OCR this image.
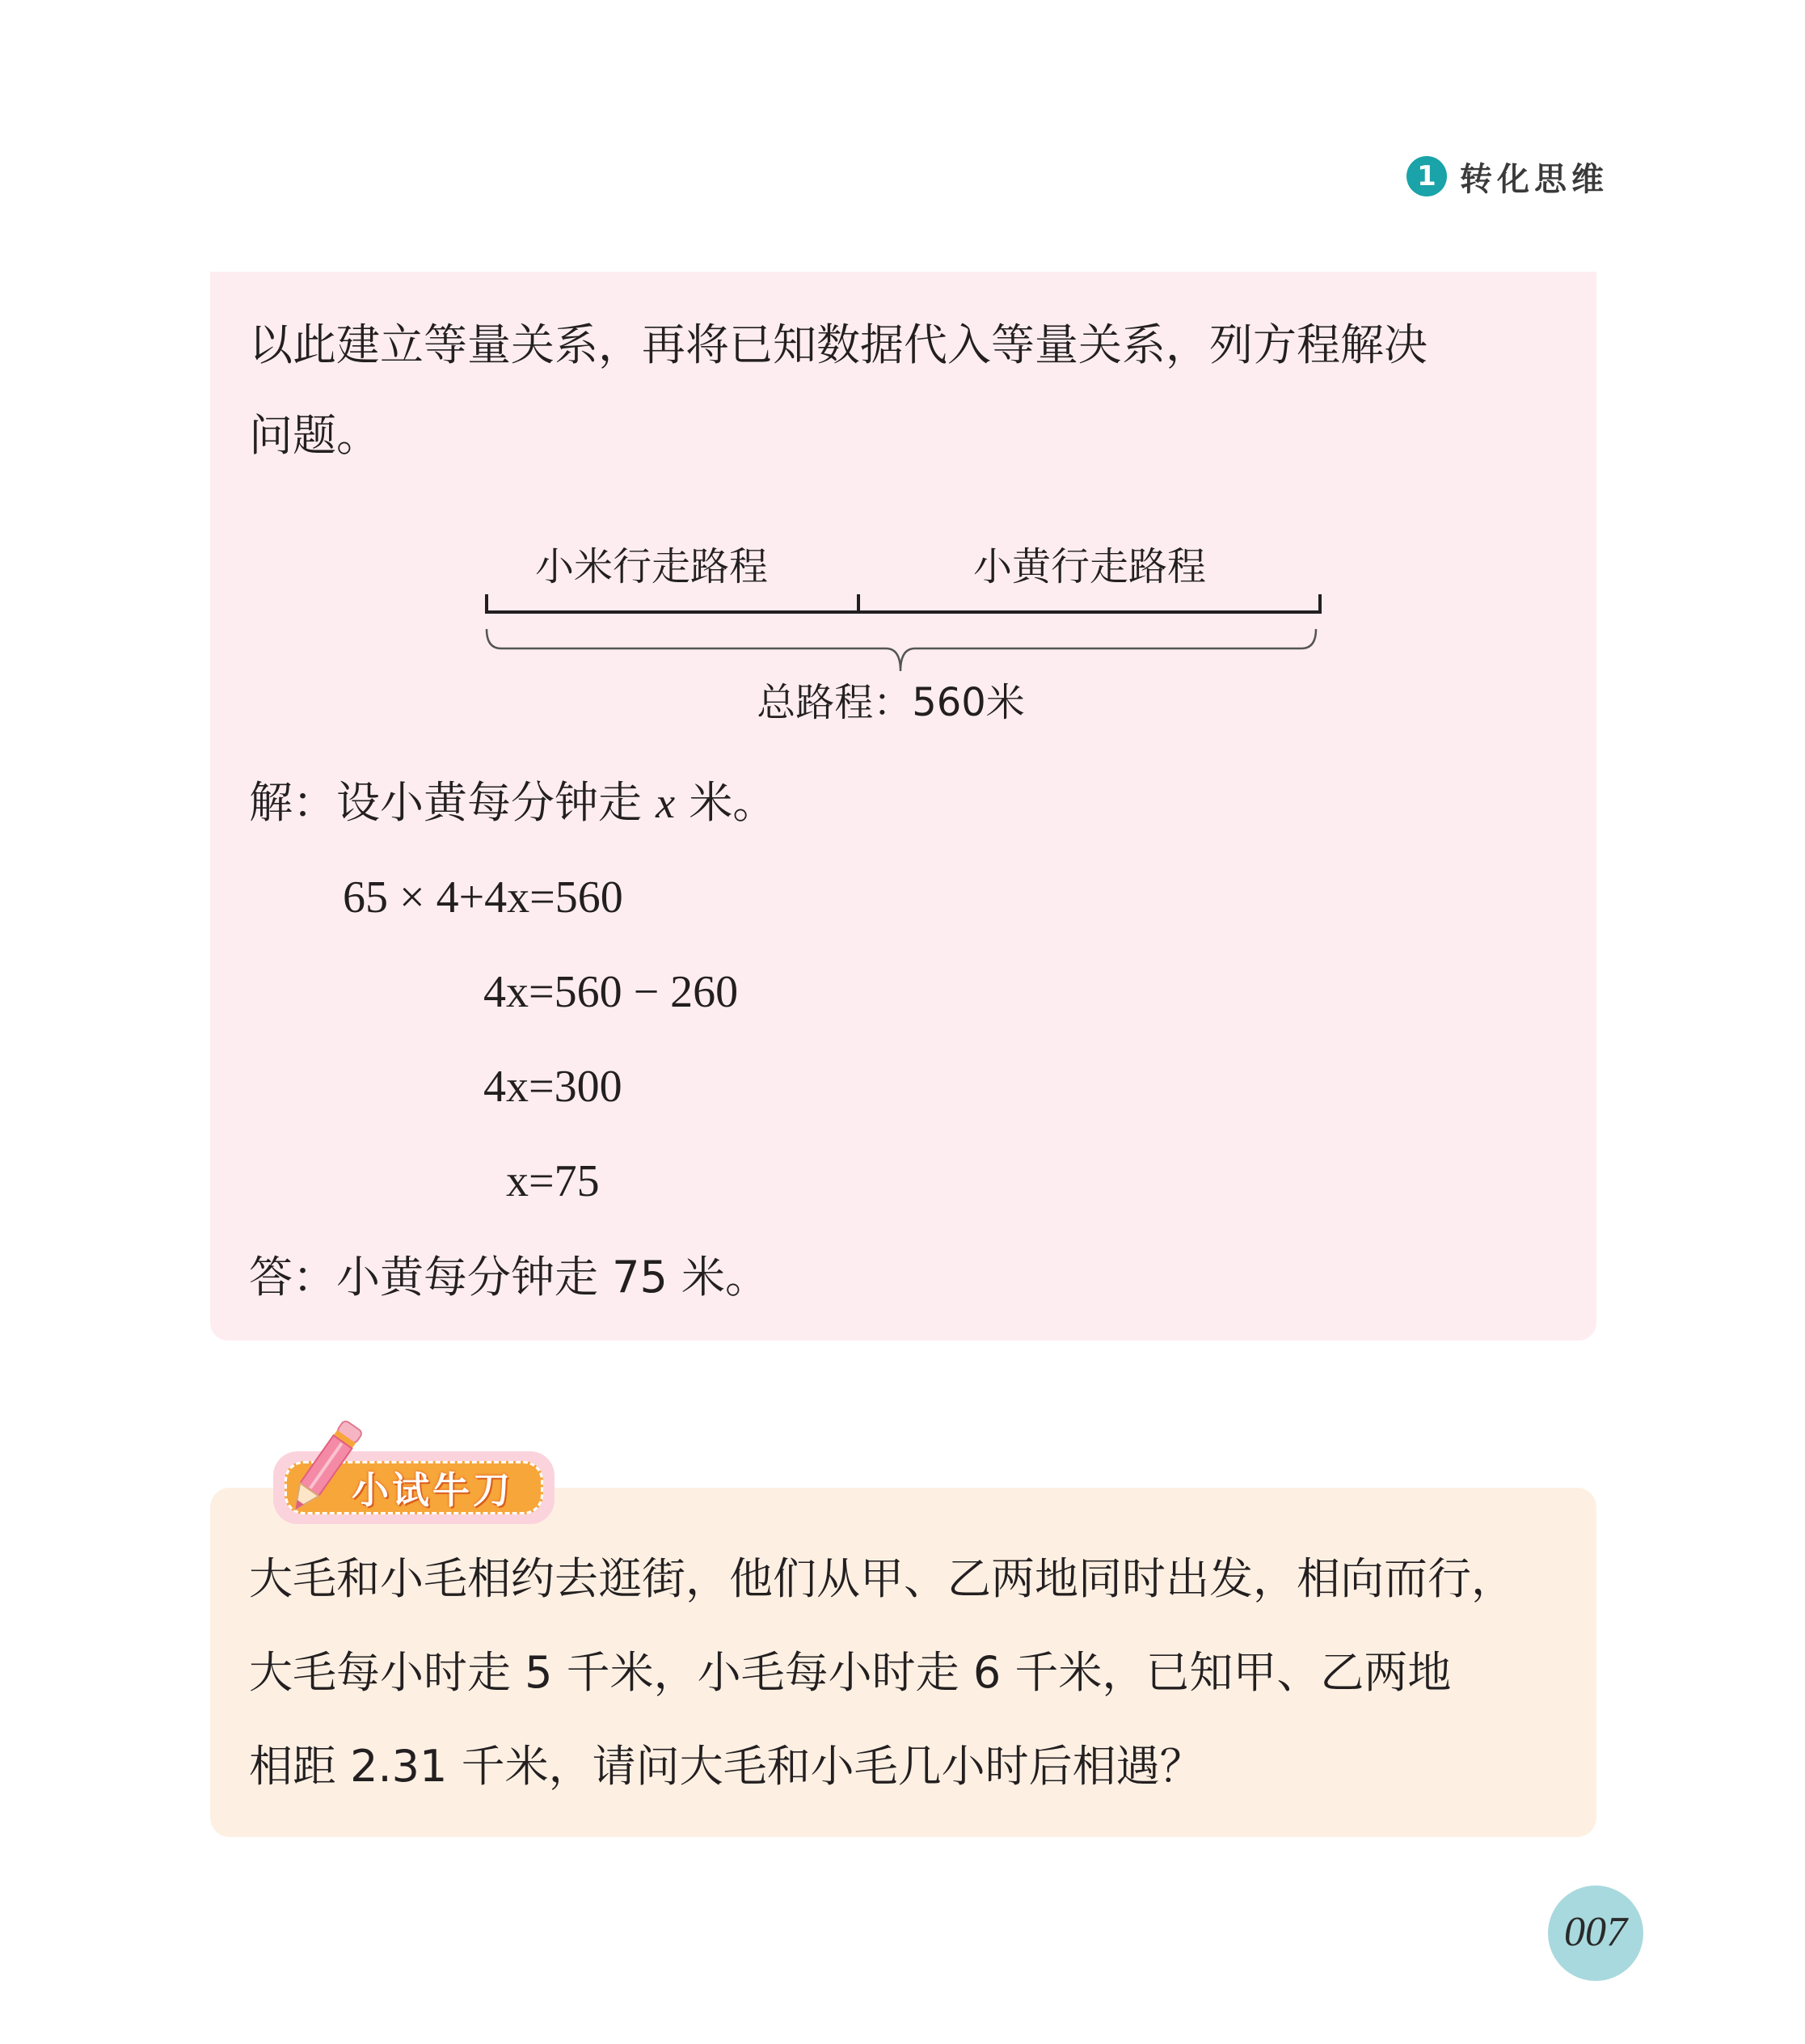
1 转化思维
以此建立等量关系，再将已知数据代入等量关系，列方程解决
问题。
小米行走路程	小黄行走路程
总路程：560米
解：设小黄每分钟走 x 米。
65 × 4+4x=560
4x=560 − 260
4x=300
x=75
答：小黄每分钟走 75 米。
小试牛刀
大毛和小毛相约去逛街，他们从甲、乙两地同时出发，相向而行，
大毛每小时走 5 千米，小毛每小时走 6 千米，已知甲、乙两地
相距 2.31 千米，请问大毛和小毛几小时后相遇？
007
